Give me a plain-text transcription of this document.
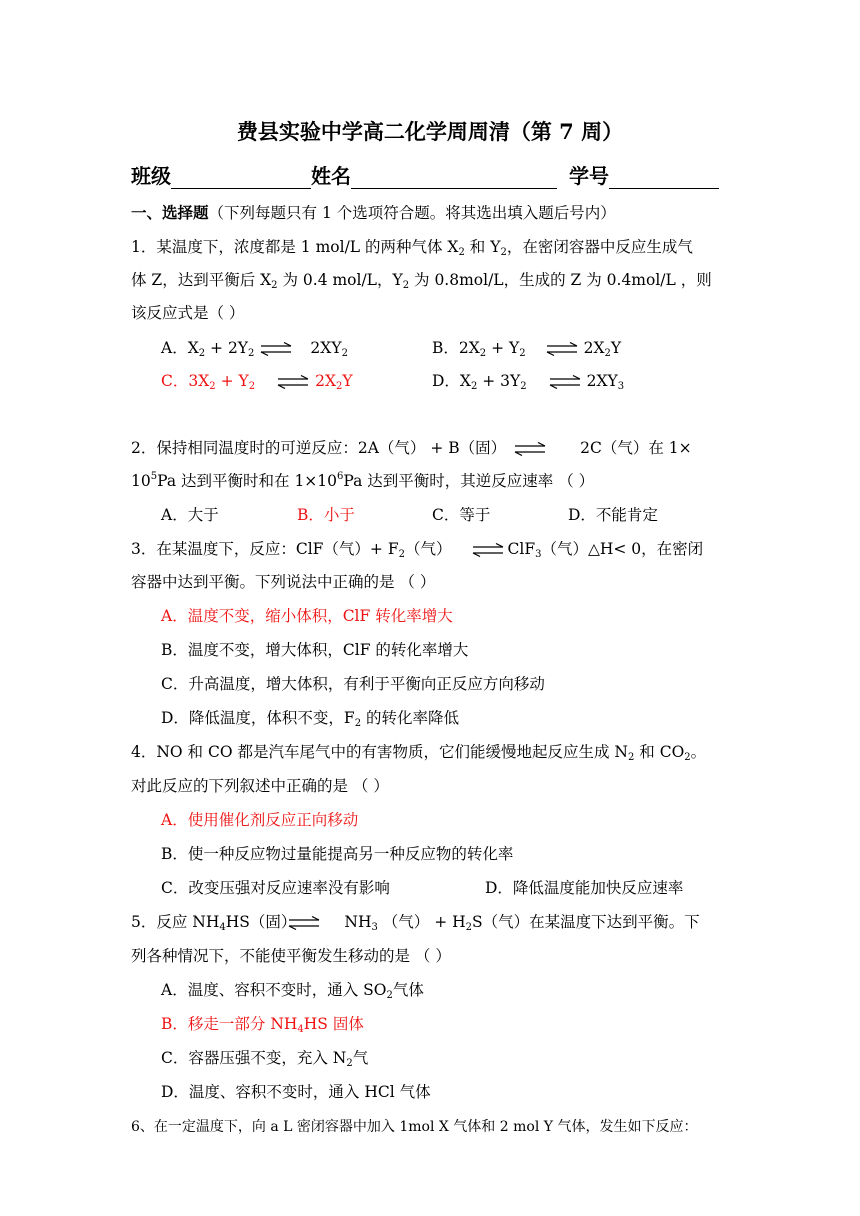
费县实验中学高二化学周周清（第 7 周）
班级	姓名	学号
一、选择题（下列每题只有 1 个选项符合题。将其选出填入题后号内）
1．某温度下，浓度都是 1 mol/L 的两种气体 $X_2$ 和 $Y_2$，在密闭容器中反应生成气
体 Z，达到平衡后 $X_2$ 为 0.4 mol/L，$Y_2$ 为 0.8mol/L，生成的 Z 为 0.4mol/L ，则
该反应式是（ ）
A．$X_2 + 2Y_2$ ⇌ $2XY_2$	B．$2X_2 + Y_2$ ⇌ $2X_2Y$
C．$3X_2 + Y_2$ ⇌ $2X_2Y$	D．$X_2 + 3Y_2$ ⇌ $2XY_3$
2．保持相同温度时的可逆反应：2A（气） + B（固） ⇌ 2C（气）在 1×
$10^5Pa$ 达到平衡时和在 $1\times 10^6Pa$ 达到平衡时，其逆反应速率 （ ）
A．大于	B．小于	C．等于	D．不能肯定
3．在某温度下，反应：ClF（气）+ $F_2$（气） ⇌ ClF$_3$（气）△H< 0，在密闭
容器中达到平衡。下列说法中正确的是 （ ）
A．温度不变，缩小体积，ClF 转化率增大
B．温度不变，增大体积，ClF 的转化率增大
C．升高温度，增大体积，有利于平衡向正反应方向移动
D．降低温度，体积不变，$F_2$ 的转化率降低
4．NO 和 CO 都是汽车尾气中的有害物质，它们能缓慢地起反应生成 $N_2$ 和 $CO_2$。
对此反应的下列叙述中正确的是 （ ）
A．使用催化剂反应正向移动
B．使一种反应物过量能提高另一种反应物的转化率
C．改变压强对反应速率没有影响	D．降低温度能加快反应速率
5．反应 $NH_4HS$（固）	$NH_3$ （气） + $H_2S$（气）在某温度下达到平衡。下
列各种情况下，不能使平衡发生移动的是 （ ）
A．温度、容积不变时，通入 $SO_2$气体
B．移走一部分 $NH_4HS$ 固体
C．容器压强不变，充入 $N_2$气
D．温度、容积不变时，通入 HCl 气体
6、在一定温度下，向 a L 密闭容器中加入 1mol X 气体和 2 mol Y 气体，发生如下反应：
